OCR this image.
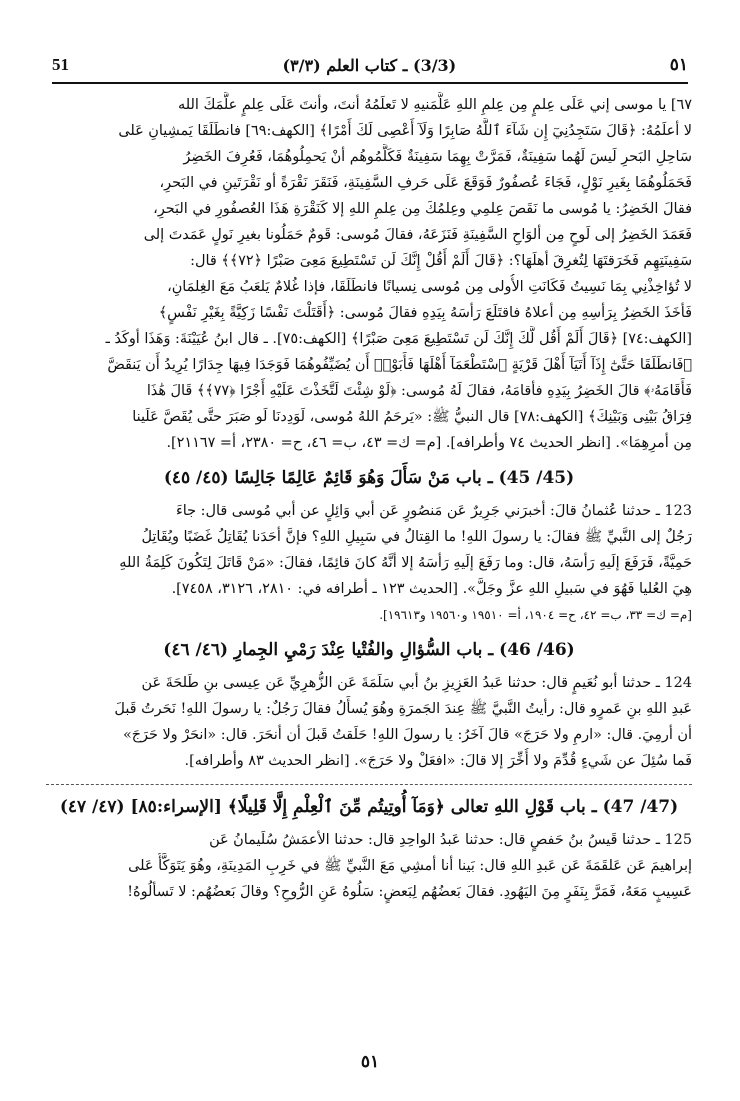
51	(3/3) ـ كتاب العلم (٣/٣)	٥١

٦٧] يا موسى إني عَلَى عِلمٍ مِن عِلمِ اللهِ عَلَّمَنيهِ لا تَعلَمُهُ أنتَ، وأنتَ عَلَى عِلمٍ علَّمَكَ الله

لا أعلَمُهُ: ﴿قَالَ سَتَجِدُنِيٓ إِن شَآءَ ٱللَّهُ صَابِرًا وَلَآ أَعْصِى لَكَ أَمْرًا﴾ [الكهف:٦٩] فانطَلَقَا يَمشِيانِ عَلى

سَاحِلِ البَحرِ لَيسَ لَهُما سَفِينَةٌ، فَمَرَّتْ بِهِمَا سَفِينَةٌ فَكَلَّمُوهُم أنْ يَحمِلُوهُمَا، فَعُرِفَ الخَضِرُ

فَحَمَلُوهُمَا بِغَيرِ نَوْلٍ، فَجَاءَ عُصفُورٌ فَوَقَعَ عَلَى حَرفِ السَّفِينَةِ، فَنَقَرَ نَقْرَةً أو نَقْرَتَينِ في البَحرِ،

فقالَ الخَضِرُ: يا مُوسى ما نَقَصَ عِلمِي وعِلمُكَ مِن عِلمِ اللهِ إلا كَنَقْرَةِ هَذَا العُصفُورِ في البَحرِ،

فَعَمَدَ الخَضِرُ إلى لَوحٍ مِن ألوَاحِ السَّفِينَةِ فَنَزَعَهُ، فقالَ مُوسى: قَومٌ حَمَلُونا بغيرِ نَولٍ عَمَدتَ إلى

سَفِينَتِهِم فَخَرَقتَهَا لِتُغرِقَ أهلَهَا؟: ﴿قَالَ أَلَمْ أَقُلْ إِنَّكَ لَن تَسْتَطِيعَ مَعِىَ صَبْرًا ﴿٧٢﴾﴾ قال:

لا تُؤاخِذْنِي بِمَا نَسِيتُ فَكَانَتِ الأُولى مِن مُوسى نِسيانًا فانطَلَقَا، فإذا غُلامٌ يَلعَبُ مَعَ الغِلمَانِ،

فَأخَذَ الخَضِرُ بِرَأسِهِ مِن أعلاهُ فاقتَلَعَ رَأسَهُ بِيَدِهِ فقالَ مُوسى: ﴿أَقَتَلْتَ نَفْسًا زَكِيَّةً بِغَيْرِ نَفْسٍ﴾

[الكهف:٧٤] ﴿قَالَ أَلَمْ أَقُل لَّكَ إِنَّكَ لَن تَسْتَطِيعَ مَعِىَ صَبْرًا﴾ [الكهف:٧٥]. ـ قال ابنُ عُيَيْنَةَ: وَهَذَا أوكَدُ ـ

﴿فَانطَلَقَا حَتَّىٰٓ إِذَآ أَتَيَآ أَهْلَ قَرْيَةٍ ٱسْتَطْعَمَآ أَهْلَهَا فَأَبَوْا۟ أَن يُضَيِّفُوهُمَا فَوَجَدَا فِيهَا جِدَارًا يُرِيدُ أَن يَنقَضَّ

فَأَقَامَهُۥ﴾ قالَ الخَضِرُ بِيَدِهِ فأقامَهُ، فقالَ لَهُ مُوسى: ﴿لَوْ شِئْتَ لَتَّخَذْتَ عَلَيْهِ أَجْرًا ﴿٧٧﴾﴾ قَالَ هَٰذَا

فِرَاقُ بَيْنِى وَبَيْنِكَ﴾ [الكهف:٧٨] قال النبيُّ ﷺ: «يَرحَمُ اللهُ مُوسى، لَوَدِدنَا لَو صَبَرَ حتَّى يُقَصَّ عَلَينا

مِن أمرِهِمَا». [انظر الحديث ٧٤ وأطرافه]. [م= ك= ٤٣، ب= ٤٦، ح= ٢٣٨٠، أ= ٢١١٦٧].

(45/ 45) ـ باب مَنْ سَأَلَ وَهُوَ قَائِمٌ عَالِمًا جَالِسًا (٤٥/ ٤٥)

123 ـ حدثنا عُثمانُ قالَ: أخبرَني جَرِيرٌ عَن مَنصُورٍ عَن أبي وَائِلٍ عن أبي مُوسى قال: جاءَ

رَجُلٌ إلى النَّبيِّ ﷺ فقالَ: يا رسولَ اللهِ! ما القِتالُ في سَبِيلِ اللهِ؟ فإنَّ أحَدَنا يُقَاتِلُ غَضَبًا ويُقَاتِلُ

حَمِيَّةً، فَرَفَعَ إلَيهِ رَأسَهُ، قال: وما رَفَعَ إلَيهِ رَأسَهُ إلا أنَّهُ كانَ قائِمًا، فقالَ: «مَنْ قَاتَلَ لِتَكُونَ كَلِمَةُ اللهِ

هِيَ العُليا فَهُوَ في سَبيلِ اللهِ عزَّ وجَلَّ». [الحديث ١٢٣ ـ أطرافه في: ٢٨١٠، ٣١٢٦، ٧٤٥٨].

[م= ك= ٣٣، ب= ٤٢، ح= ١٩٠٤، أ= ١٩٥١٠ و١٩٥٦٠ و١٩٦١٣].

(46/ 46) ـ باب السُّؤالِ والفُتْيا عِنْدَ رَمْيِ الجِمارِ (٤٦/ ٤٦)

124 ـ حدثنا أبو نُعَيمٍ قال: حدثنا عَبدُ العَزِيزِ بنُ أبي سَلَمَةَ عَن الزُّهرِيِّ عَن عِيسى بنِ طَلحَةَ عَن

عَبدِ اللهِ بنِ عَمرٍو قال: رأيتُ النَّبيَّ ﷺ عِندَ الجَمرَةِ وهُوَ يُسأَلُ فقالَ رَجُلٌ: يا رسولَ اللهِ! نَحَرتُ قَبلَ

أن أرمِيَ. قال: «ارمِ ولا حَرَجَ» قالَ آخَرُ: يا رسولَ اللهِ! حَلَقتُ قَبلَ أن أنحَرَ. قال: «انحَرْ ولا حَرَجَ»

فَما سُئِلَ عن شَيءٍ قُدِّمَ ولا أُخِّرَ إلا قالَ: «افعَلْ ولا حَرَجَ». [انظر الحديث ٨٣ وأطرافه].

(47/ 47) ـ باب قَوْلِ اللهِ تعالى ﴿وَمَآ أُوتِيتُم مِّنَ ٱلْعِلْمِ إِلَّا قَلِيلًا﴾ [الإسراء:٨٥] (٤٧/ ٤٧)

125 ـ حدثنا قَيسُ بنُ حَفصٍ قال: حدثنا عَبدُ الواحِدِ قال: حدثنا الأعمَشُ سُلَيمانُ عَن

إبراهيمَ عَن عَلقَمَةَ عَن عَبدِ اللهِ قال: بَينا أنا أمشِي مَعَ النَّبيِّ ﷺ في خَرِبِ المَدِينَةِ، وهُوَ يَتَوَكَّأُ عَلى

عَسِيبٍ مَعَهُ، فَمَرَّ بِنَفَرٍ مِنَ اليَهُودِ. فقالَ بَعضُهُم لِبَعضٍ: سَلُوهُ عَنِ الرُّوحِ؟ وقالَ بَعضُهُم: لا تَسألُوهُ!

٥١
